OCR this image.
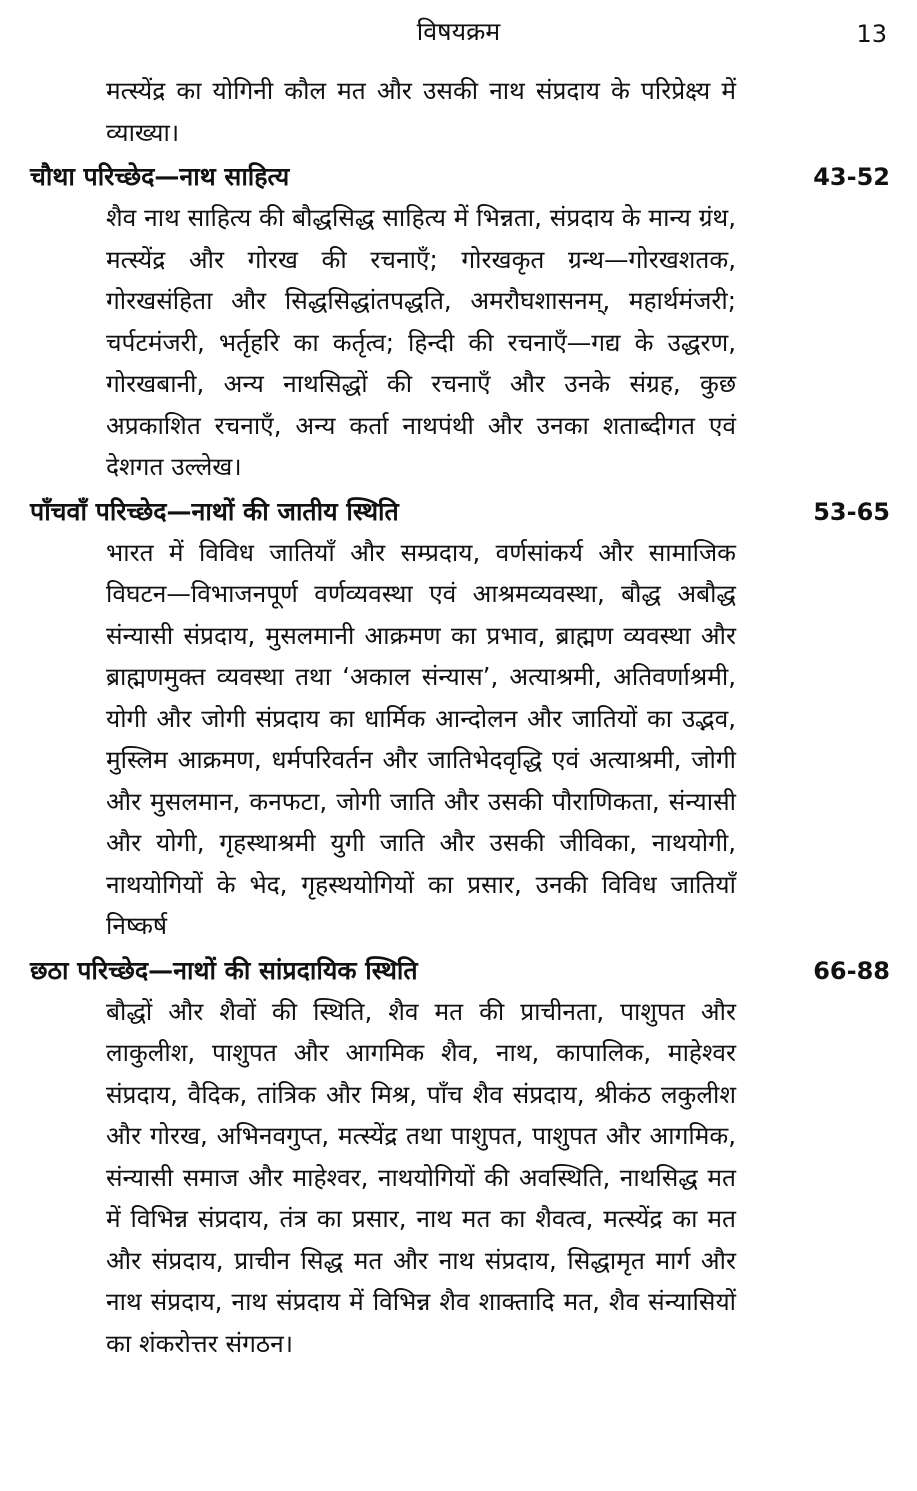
विषयक्रम	13

मत्स्येंद्र का योगिनी कौल मत और उसकी नाथ संप्रदाय के परिप्रेक्ष्य में व्याख्या।

चौथा परिच्छेद—नाथ साहित्य	43-52

शैव नाथ साहित्य की बौद्धसिद्ध साहित्य में भिन्नता, संप्रदाय के मान्य ग्रंथ, मत्स्येंद्र और गोरख की रचनाएँ; गोरखकृत ग्रन्थ—गोरखशतक, गोरखसंहिता और सिद्धसिद्धांतपद्धति, अमरौघशासनम्, महार्थमंजरी; चर्पटमंजरी, भर्तृहरि का कर्तृत्व; हिन्दी की रचनाएँ—गद्य के उद्धरण, गोरखबानी, अन्य नाथसिद्धों की रचनाएँ और उनके संग्रह, कुछ अप्रकाशित रचनाएँ, अन्य कर्ता नाथपंथी और उनका शताब्दीगत एवं देशगत उल्लेख।

पाँचवाँ परिच्छेद—नाथों की जातीय स्थिति	53-65

भारत में विविध जातियाँ और सम्प्रदाय, वर्णसांकर्य और सामाजिक विघटन—विभाजनपूर्ण वर्णव्यवस्था एवं आश्रमव्यवस्था, बौद्ध अबौद्ध संन्यासी संप्रदाय, मुसलमानी आक्रमण का प्रभाव, ब्राह्मण व्यवस्था और ब्राह्मणमुक्त व्यवस्था तथा ‘अकाल संन्यास’, अत्याश्रमी, अतिवर्णाश्रमी, योगी और जोगी संप्रदाय का धार्मिक आन्दोलन और जातियों का उद्भव, मुस्लिम आक्रमण, धर्मपरिवर्तन और जातिभेदवृद्धि एवं अत्याश्रमी, जोगी और मुसलमान, कनफटा, जोगी जाति और उसकी पौराणिकता, संन्यासी और योगी, गृहस्थाश्रमी युगी जाति और उसकी जीविका, नाथयोगी, नाथयोगियों के भेद, गृहस्थयोगियों का प्रसार, उनकी विविध जातियाँ निष्कर्ष

छठा परिच्छेद—नाथों की सांप्रदायिक स्थिति	66-88

बौद्धों और शैवों की स्थिति, शैव मत की प्राचीनता, पाशुपत और लाकुलीश, पाशुपत और आगमिक शैव, नाथ, कापालिक, माहेश्वर संप्रदाय, वैदिक, तांत्रिक और मिश्र, पाँच शैव संप्रदाय, श्रीकंठ लकुलीश और गोरख, अभिनवगुप्त, मत्स्येंद्र तथा पाशुपत, पाशुपत और आगमिक, संन्यासी समाज और माहेश्वर, नाथयोगियों की अवस्थिति, नाथसिद्ध मत में विभिन्न संप्रदाय, तंत्र का प्रसार, नाथ मत का शैवत्व, मत्स्येंद्र का मत और संप्रदाय, प्राचीन सिद्ध मत और नाथ संप्रदाय, सिद्धामृत मार्ग और नाथ संप्रदाय, नाथ संप्रदाय में विभिन्न शैव शाक्तादि मत, शैव संन्यासियों का शंकरोत्तर संगठन।
